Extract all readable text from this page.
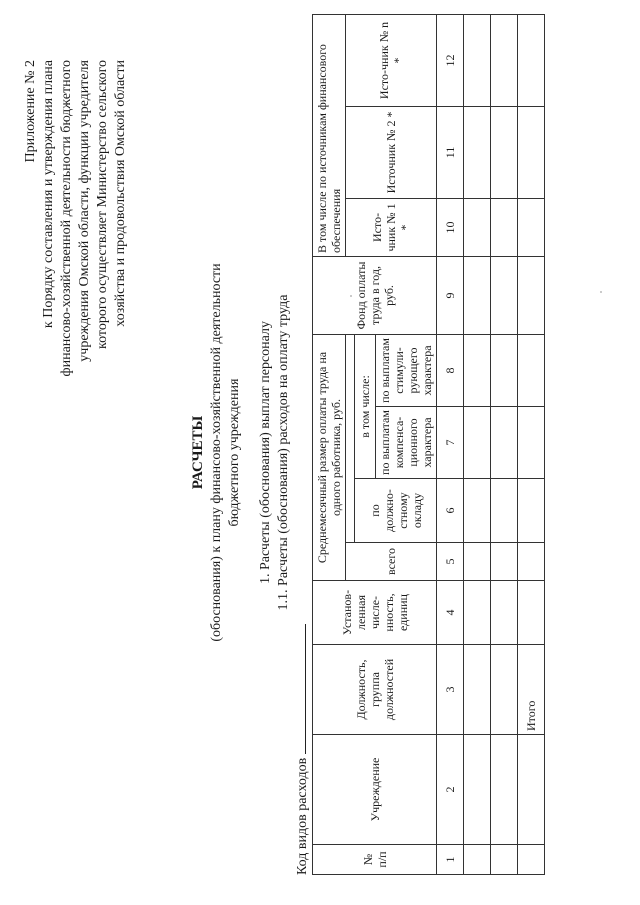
Приложение № 2 к Порядку составления и утверждения плана финансово-хозяйственной деятельности бюджетного учреждения Омской области, функции учредителя которого осуществляет Министерство сельского хозяйства и продовольствия Омской области
РАСЧЕТЫ (обоснования) к плану финансово-хозяйственной деятельности бюджетного учреждения 1. Расчеты (обоснования) выплат персоналу 1.1. Расчеты (обоснования) расходов на оплату труда
Код видов расходов	№ п/п	Учреждение	Должность, группа должностей	Установ-ленная числе-нность, единиц	Среднемесячный размер оплаты труда на одного работника, руб.				Фонд оплаты труда в год, руб.	В том числе по источникам финансового обеспечения		
				всего					Исто-чник № 1 *	Источник № 2 *	Исто-чник № n *
					по должно-стному окладу	в том числе:					
						по выплатам компенса-ционного характера	по выплатам стимули-рующего характера				
1	2	3	4	5	6	7	8	9	10	11	12

		Итого									
